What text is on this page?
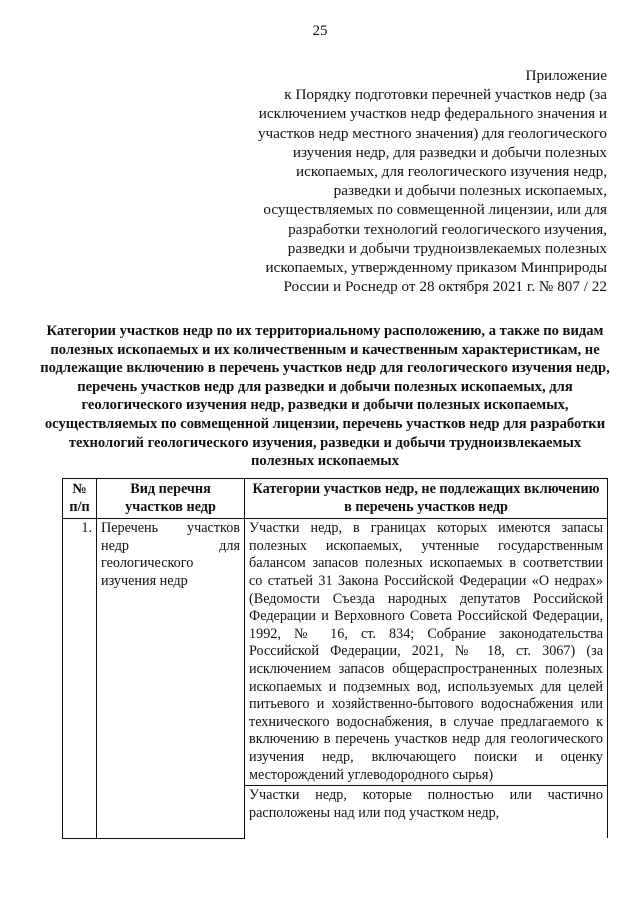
25
Приложение
к Порядку подготовки перечней участков недр (за исключением участков недр федерального значения и участков недр местного значения) для геологического изучения недр, для разведки и добычи полезных ископаемых, для геологического изучения недр, разведки и добычи полезных ископаемых, осуществляемых по совмещенной лицензии, или для разработки технологий геологического изучения, разведки и добычи трудноизвлекаемых полезных ископаемых, утвержденному приказом Минприроды России и Роснедр от 28 октября 2021 г. № 807 / 22
Категории участков недр по их территориальному расположению, а также по видам полезных ископаемых и их количественным и качественным характеристикам, не подлежащие включению в перечень участков недр для геологического изучения недр, перечень участков недр для разведки и добычи полезных ископаемых, для геологического изучения недр, разведки и добычи полезных ископаемых, осуществляемых по совмещенной лицензии, перечень участков недр для разработки технологий геологического изучения, разведки и добычи трудноизвлекаемых полезных ископаемых
№ п/п	Вид перечня участков недр	Категории участков недр, не подлежащих включению в перечень участков недр
1.	Перечень участков недр для геологического изучения недр	Участки недр, в границах которых имеются запасы полезных ископаемых, учтенные государственным балансом запасов полезных ископаемых в соответствии со статьей 31 Закона Российской Федерации «О недрах» (Ведомости Съезда народных депутатов Российской Федерации и Верховного Совета Российской Федерации, 1992, № 16, ст. 834; Собрание законодательства Российской Федерации, 2021, № 18, ст. 3067) (за исключением запасов общераспространенных полезных ископаемых и подземных вод, используемых для целей питьевого и хозяйственно-бытового водоснабжения или технического водоснабжения, в случае предлагаемого к включению в перечень участков недр для геологического изучения недр, включающего поиски и оценку месторождений углеводородного сырья)

		Участки недр, которые полностью или частично расположены над или под участком недр,
